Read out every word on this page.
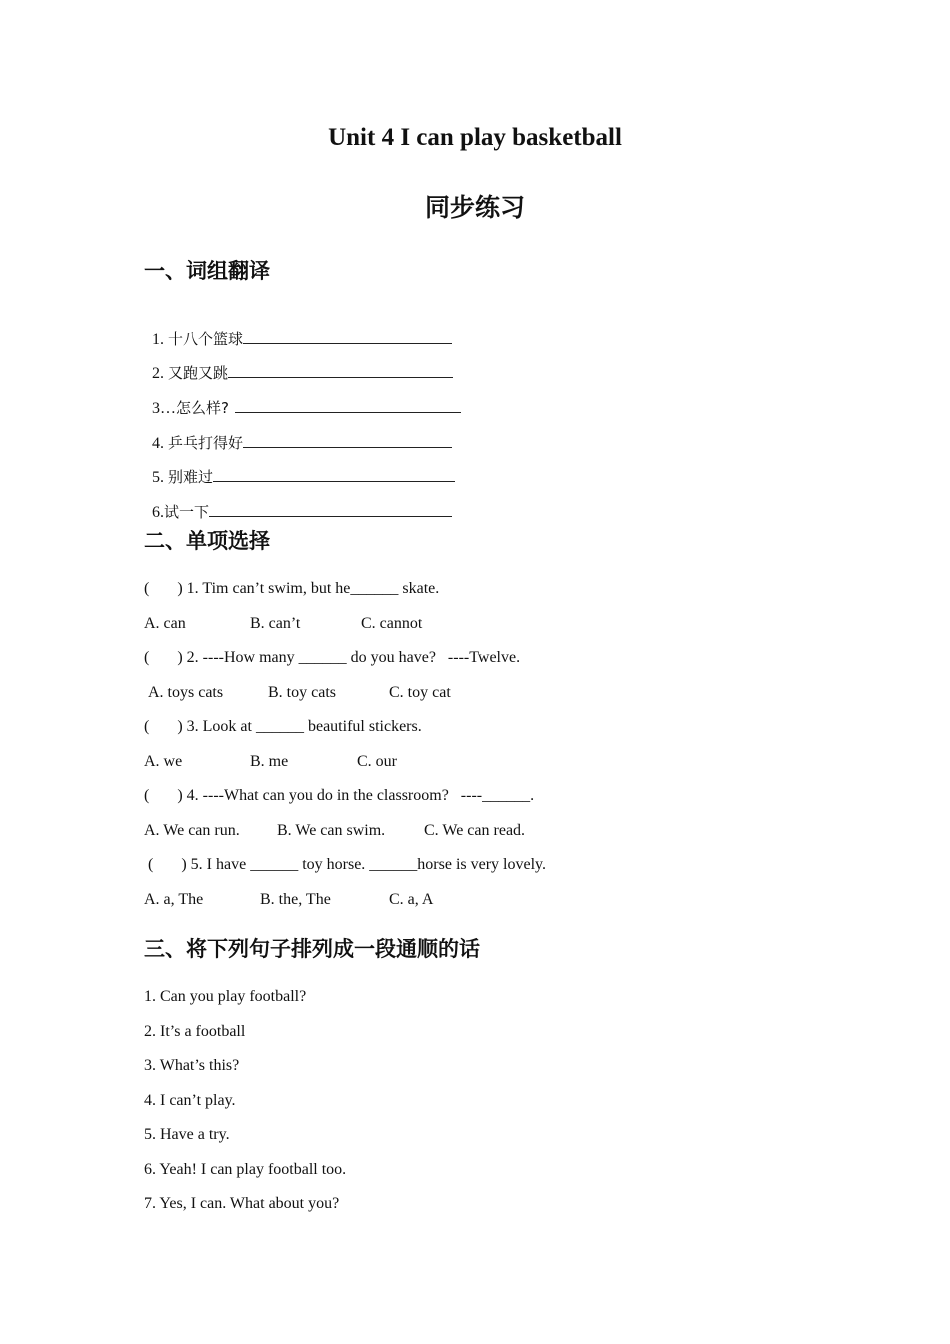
Unit 4 I can play basketball
同步练习
一、词组翻译

1. 十八个篮球

2. 又跑又跳

3…怎么样?

4. 乒乓打得好

5. 别难过

6.试一下

二、单项选择
(       ) 1. Tim can’t swim, but he______ skate.
A. can	B. can’t	C. cannot
(       ) 2. ----How many ______ do you have?   ----Twelve.
A. toys cats	B. toy cats	C. toy cat
(       ) 3. Look at ______ beautiful stickers.
A. we	B. me	C. our
(       ) 4. ----What can you do in the classroom?   ----______.
A. We can run. B. We can swim. C. We can read.
(       ) 5. I have ______ toy horse. ______horse is very lovely.
A. a, The	B. the, The	C. a, A
三、将下列句子排列成一段通顺的话
1. Can you play football?
2. It’s a football
3. What’s this?
4. I can’t play.
5. Have a try.
6. Yeah! I can play football too.
7. Yes, I can. What about you?
